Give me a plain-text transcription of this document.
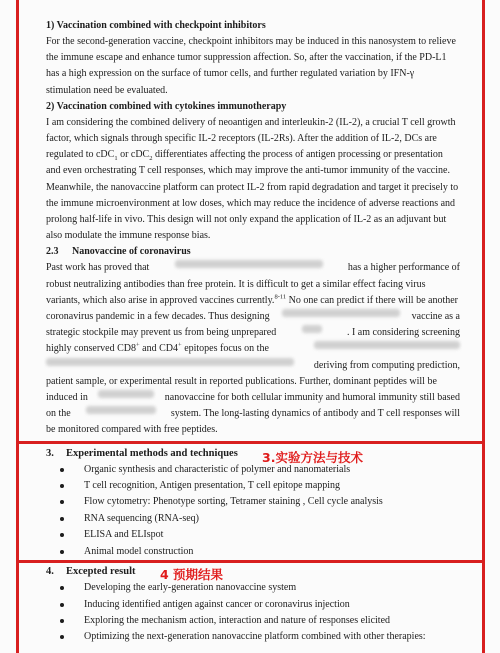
3.实验方法与技术
4 预期结果

1) Vaccination combined with checkpoint inhibitors

For the second-generation vaccine, checkpoint inhibitors may be induced in this nanosystem to relieve

the immune escape and enhance tumor suppression affection. So, after the vaccination, if the PD-L1

has a high expression on the surface of tumor cells, and further regulated variation by IFN-γ

stimulation need be evaluated.

2) Vaccination combined with cytokines immunotherapy

I am considering the combined delivery of neoantigen and interleukin-2 (IL-2), a crucial T cell growth

factor, which signals through specific IL-2 receptors (IL-2Rs). After the addition of IL-2, DCs are

regulated to cDC$_1$ or cDC$_2$ differentiates affecting the process of antigen processing or presentation

and even orchestrating T cell responses, which may improve the anti-tumor immunity of the vaccine.

Meanwhile, the nanovaccine platform can protect IL-2 from rapid degradation and target it precisely to

the immune microenvironment at low doses, which may reduce the incidence of adverse reactions and

prolong half-life in vivo. This design will not only expand the application of IL-2 as an adjuvant but

also modulate the immune response bias.

2.3 Nanovaccine of coronavirus

Past work has proved that	has a higher performance of

robust neutralizing antibodies than free protein. It is difficult to get a similar effect facing virus

variants, which also arise in approved vaccines currently.$^{8-11}$ No one can predict if there will be another

coronavirus pandemic in a few decades. Thus designing	vaccine as a

strategic stockpile may prevent us from being unprepared	. I am considering screening

highly conserved CD8+ and CD4+ epitopes focus on the

deriving from computing prediction,

patient sample, or experimental result in reported publications. Further, dominant peptides will be

induced in	nanovaccine for both cellular immunity and humoral immunity still based

on the	system. The long-lasting dynamics of antibody and T cell responses will

be monitored compared with free peptides.

3. Experimental methods and techniques

Organic synthesis and characteristic of polymer and nanomaterials
T cell recognition, Antigen presentation, T cell epitope mapping
Flow cytometry: Phenotype sorting, Tetramer staining , Cell cycle analysis
RNA sequencing (RNA-seq)
ELISA and ELIspot
Animal model construction

4. Excepted result

Developing the early-generation nanovaccine system
Inducing identified antigen against cancer or coronavirus injection
Exploring the mechanism action, interaction and nature of responses elicited
Optimizing the next-generation nanovaccine platform combined with other therapies:
